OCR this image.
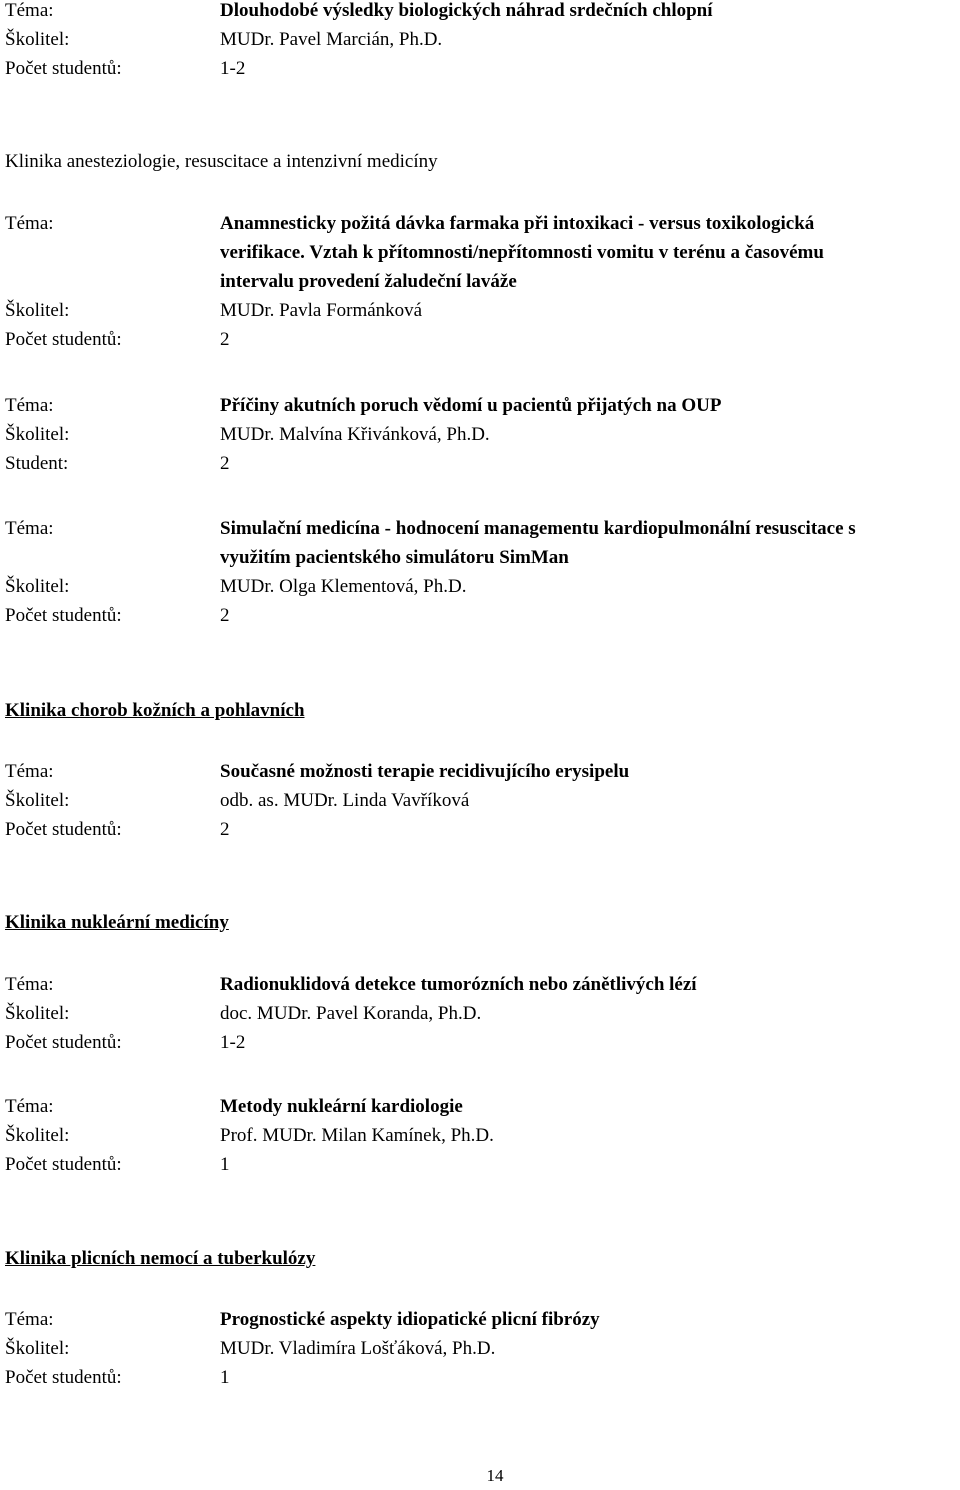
Téma:	Dlouhodobé výsledky biologických náhrad srdečních chlopní
Školitel:	MUDr. Pavel Marcián, Ph.D.
Počet studentů:	1-2
Klinika anesteziologie, resuscitace a intenzivní medicíny
Téma:	Anamnesticky požitá dávka farmaka při intoxikaci - versus toxikologická
verifikace. Vztah k přítomnosti/nepřítomnosti vomitu v terénu a časovému
intervalu provedení žaludeční laváže
Školitel:	MUDr. Pavla Formánková
Počet studentů:	2
Téma:	Příčiny akutních poruch vědomí u pacientů přijatých na OUP
Školitel:	MUDr. Malvína Křivánková, Ph.D.
Student:	2
Téma:	Simulační medicína - hodnocení managementu kardiopulmonální resuscitace s
využitím pacientského simulátoru SimMan
Školitel:	MUDr. Olga Klementová, Ph.D.
Počet studentů:	2
Klinika chorob kožních a pohlavních
Téma:	Současné možnosti terapie recidivujícího erysipelu
Školitel:	odb. as. MUDr. Linda Vavříková
Počet studentů:	2
Klinika nukleární medicíny
Téma:	Radionuklidová detekce tumorózních nebo zánětlivých lézí
Školitel:	doc. MUDr. Pavel Koranda, Ph.D.
Počet studentů:	1-2
Téma:	Metody nukleární kardiologie
Školitel:	Prof. MUDr. Milan Kamínek, Ph.D.
Počet studentů:	1
Klinika plicních nemocí a tuberkulózy
Téma:	Prognostické aspekty idiopatické plicní fibrózy
Školitel:	MUDr. Vladimíra Lošťáková, Ph.D.
Počet studentů:	1
14
